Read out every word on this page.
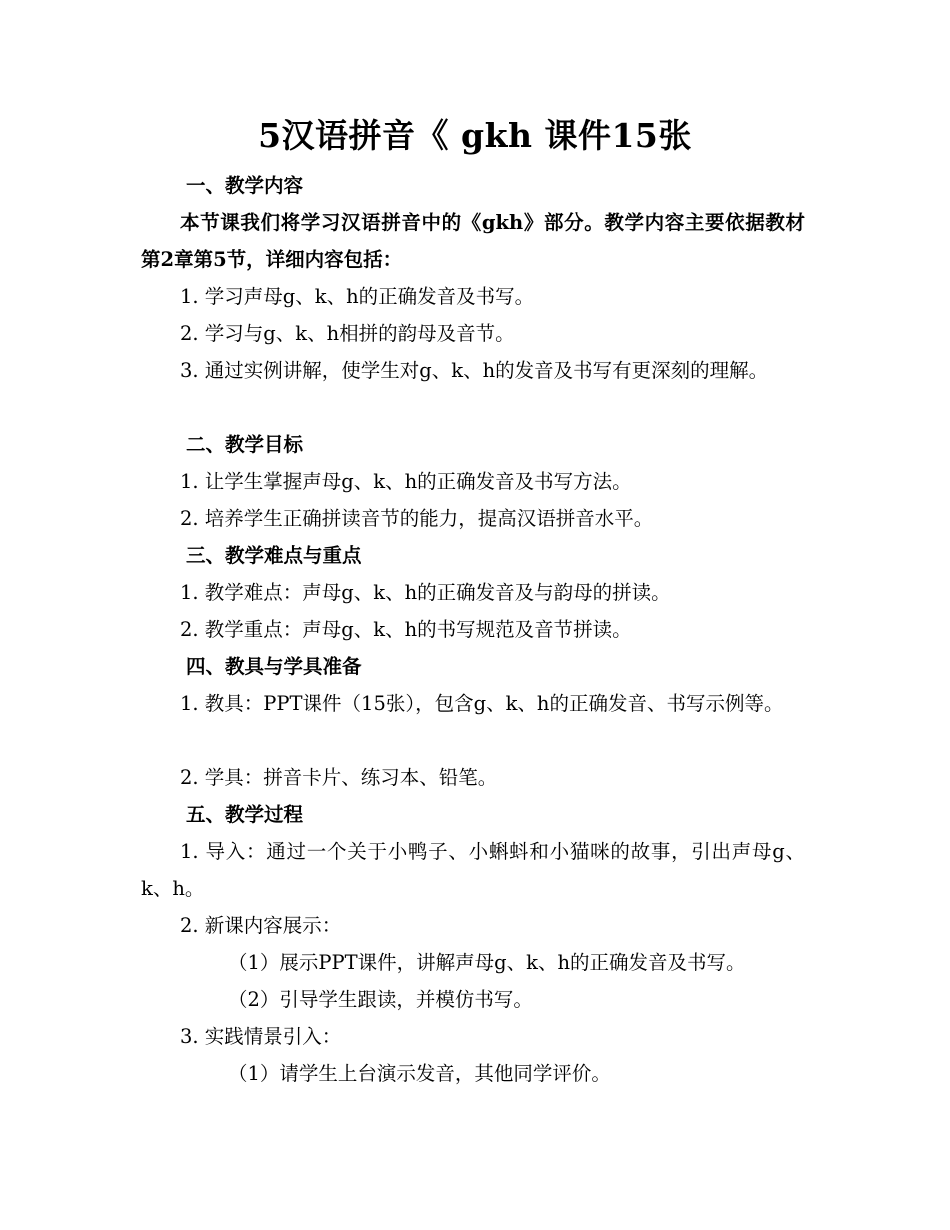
5汉语拼音《 gkh 课件15张
一、教学内容
本节课我们将学习汉语拼音中的《gkh》部分。教学内容主要依据教材第2章第5节，详细内容包括：
1. 学习声母g、k、h的正确发音及书写。
2. 学习与g、k、h相拼的韵母及音节。
3. 通过实例讲解，使学生对g、k、h的发音及书写有更深刻的理解。
二、教学目标
1. 让学生掌握声母g、k、h的正确发音及书写方法。
2. 培养学生正确拼读音节的能力，提高汉语拼音水平。
三、教学难点与重点
1. 教学难点：声母g、k、h的正确发音及与韵母的拼读。
2. 教学重点：声母g、k、h的书写规范及音节拼读。
四、教具与学具准备
1. 教具：PPT课件（15张），包含g、k、h的正确发音、书写示例等。
2. 学具：拼音卡片、练习本、铅笔。
五、教学过程
1. 导入：通过一个关于小鸭子、小蝌蚪和小猫咪的故事，引出声母g、k、h。
2. 新课内容展示：
（1）展示PPT课件，讲解声母g、k、h的正确发音及书写。
（2）引导学生跟读，并模仿书写。
3. 实践情景引入：
（1）请学生上台演示发音，其他同学评价。
